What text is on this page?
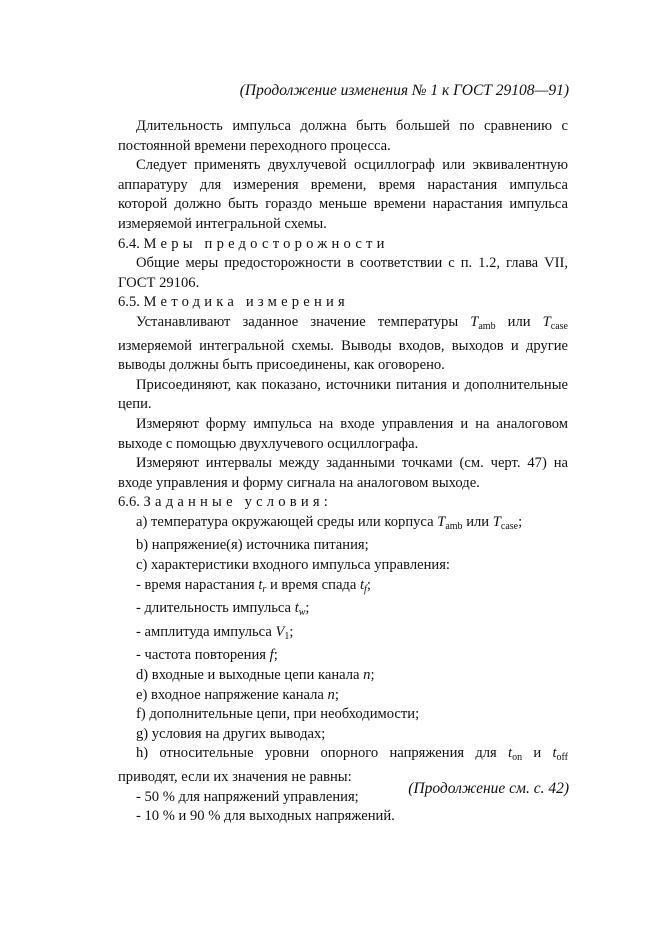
(Продолжение изменения № 1 к ГОСТ 29108—91)

Длительность импульса должна быть большей по сравнению с постоянной времени переходного процесса.

Следует применять двухлучевой осциллограф или эквивалентную аппаратуру для измерения времени, время нарастания импульса которой должно быть гораздо меньше времени нарастания импульса измеряемой интегральной схемы.

6.4. Меры предосторожности

Общие меры предосторожности в соответствии с п. 1.2, глава VII, ГОСТ 29106.

6.5. Методика измерения

Устанавливают заданное значение температуры $T_{amb}$ или $T_{case}$ измеряемой интегральной схемы. Выводы входов, выходов и другие выводы должны быть присоединены, как оговорено.

Присоединяют, как показано, источники питания и дополнительные цепи.

Измеряют форму импульса на входе управления и на аналоговом выходе с помощью двухлучевого осциллографа.

Измеряют интервалы между заданными точками (см. черт. 47) на входе управления и форму сигнала на аналоговом выходе.

6.6. Заданные условия:

a) температура окружающей среды или корпуса $T_{amb}$ или $T_{case}$;

b) напряжение(я) источника питания;

c) характеристики входного импульса управления:

- время нарастания $t_r$ и время спада $t_f$;

- длительность импульса $t_w$;

- амплитуда импульса $V_1$;

- частота повторения f;

d) входные и выходные цепи канала n;

e) входное напряжение канала n;

f) дополнительные цепи, при необходимости;

g) условия на других выводах;

h) относительные уровни опорного напряжения для $t_{on}$ и $t_{off}$ приводят, если их значения не равны:

- 50 % для напряжений управления;

- 10 % и 90 % для выходных напряжений.

(Продолжение см. с. 42)
